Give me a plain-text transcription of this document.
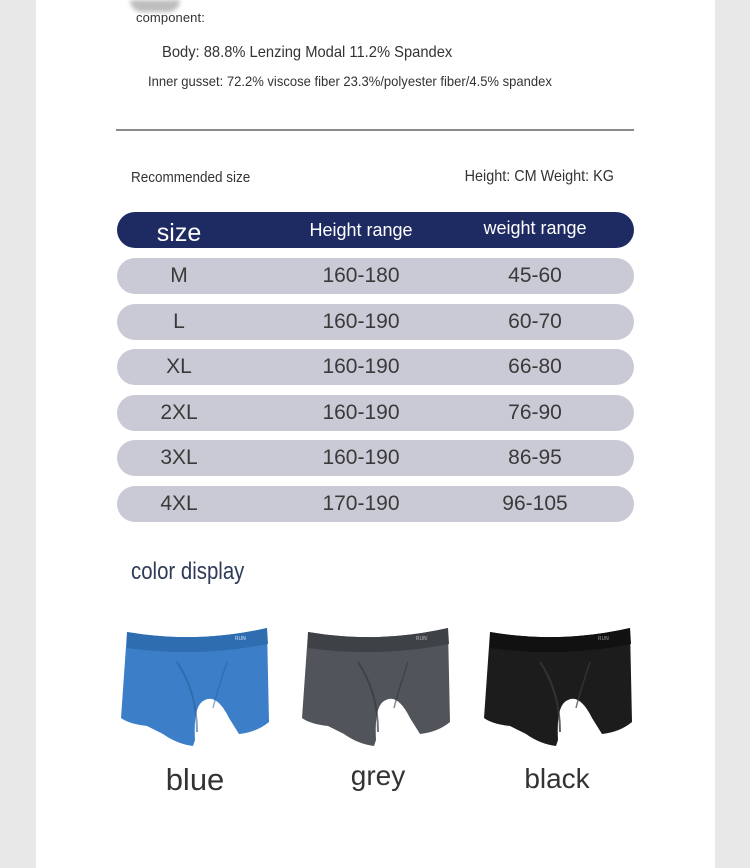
component:
Body: 88.8% Lenzing Modal 11.2% Spandex
Inner gusset: 72.2% viscose fiber 23.3%/polyester fiber/4.5% spandex
Recommended size	Height: CM Weight: KG
size	Height range	weight range
M	160-180	45-60
L	160-190	60-70
XL	160-190	66-80
2XL	160-190	76-90
3XL	160-190	86-95
4XL	170-190	96-105
color display
RUN	RUN	RUN
blue	grey	black
